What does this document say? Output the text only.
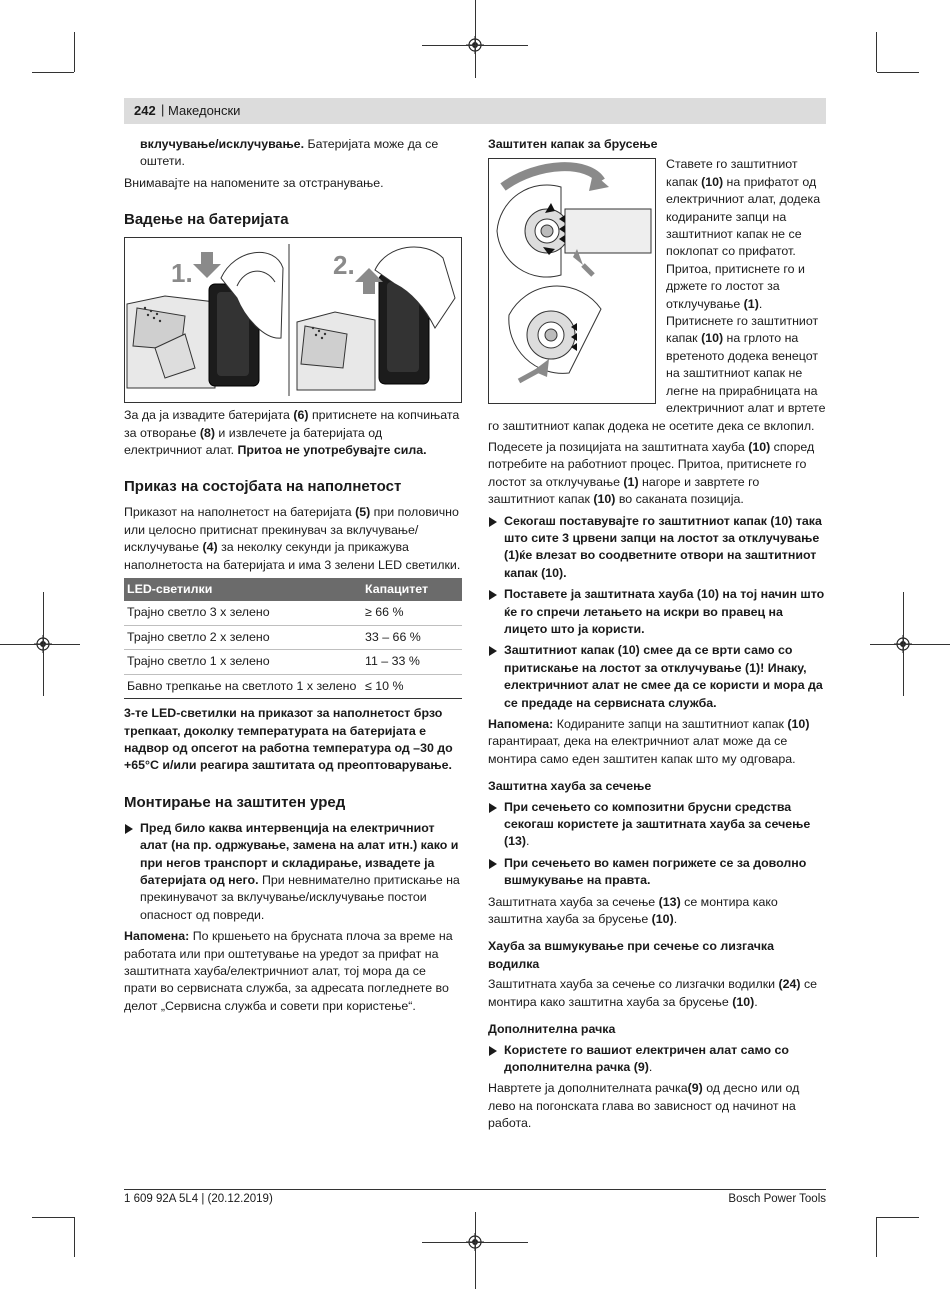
242 | Македонски

вклучување/исклучување. Батеријата може да се оштети.

Внимавајте на напомените за отстранување.

Вадење на батеријата
1.	2.

За да ја извадите батеријата (6) притиснете на копчињата за отворање (8) и извлечете ја батеријата од електричниот алат. Притоа не употребувајте сила.

Приказ на состојбата на наполнетост

Приказот на наполнетост на батеријата (5) при половично или целосно притиснат прекинувач за вклучување/исклучување (4) за неколку секунди ја прикажува наполнетоста на батеријата и има 3 зелени LED светилки.

LED-светилки	Капацитет
Трајно светло 3 х зелено	≥ 66 %
Трајно светло 2 х зелено	33 – 66 %
Трајно светло 1 х зелено	11 – 33 %
Бавно трепкање на светлото 1 х зелено	≤ 10 %

3-те LED-светилки на приказот за наполнетост брзо трепкаат, доколку температурата на батеријата е надвор од опсегот на работна температура од –30 до +65°C и/или реагира заштитата од преоптоварување.

Монтирање на заштитен уред
Пред било каква интервенција на електричниот алат (на пр. одржување, замена на алат итн.) како и при негов транспорт и складирање, извадете ја батеријата од него. При невнимателно притискање на прекинувачот за вклучување/исклучување постои опасност од повреди.

Напомена: По кршењето на брусната плоча за време на работата или при оштетување на уредот за прифат на заштитната хауба/електричниот алат, тој мора да се прати во сервисната служба, за адресата погледнете во делот „Сервисна служба и совети при користење“.

Заштитен капак за брусење

Ставете го заштитниот капак (10) на прифатот од електричниот алат, додека кодираните запци на заштитниот капак не се поклопат со прифатот. Притоа, притиснете го и држете го лостот за отклучување (1). Притиснете го заштитниот капак (10) на грлото на вретеното додека венецот на заштитниот капак не легне на прирабницата на електричниот алат и вртете го заштитниот капак додека не осетите дека се вклопил.

Подесете ја позицијата на заштитната хауба (10) според потребите на работниот процес. Притоа, притиснете го лостот за отклучување (1) нагоре и завртете го заштитниот капак (10) во саканата позиција.

Секогаш поставувајте го заштитниот капак (10) така што сите 3 црвени запци на лостот за отклучување (1)ќе влезат во соодветните отвори на заштитниот капак (10).
Поставете ја заштитната хауба (10) на тој начин што ќе го спречи летањето на искри во правец на лицето што ја користи.
Заштитниот капак (10) смее да се врти само со притискање на лостот за отклучување (1)! Инаку, електричниот алат не смее да се користи и мора да се предаде на сервисната служба.

Напомена: Кодираните запци на заштитниот капак (10) гарантираат, дека на електричниот алат може да се монтира само еден заштитен капак што му одговара.

Заштитна хауба за сечење
При сечењето со композитни брусни средства секогаш користете ја заштитната хауба за сечење (13).
При сечењето во камен погрижете се за доволно вшмукување на правта.

Заштитната хауба за сечење (13) се монтира како заштитна хауба за брусење (10).

Хауба за вшмукување при сечење со лизгачка водилка

Заштитната хауба за сечење со лизгачки водилки (24) се монтира како заштитна хауба за брусење (10).

Дополнителна рачка
Користете го вашиот електричен алат само со дополнителна рачка (9).

Навртете ја дополнителната рачка(9) од десно или од лево на погонската глава во зависност од начинот на работа.

1 609 92A 5L4 | (20.12.2019)	Bosch Power Tools
